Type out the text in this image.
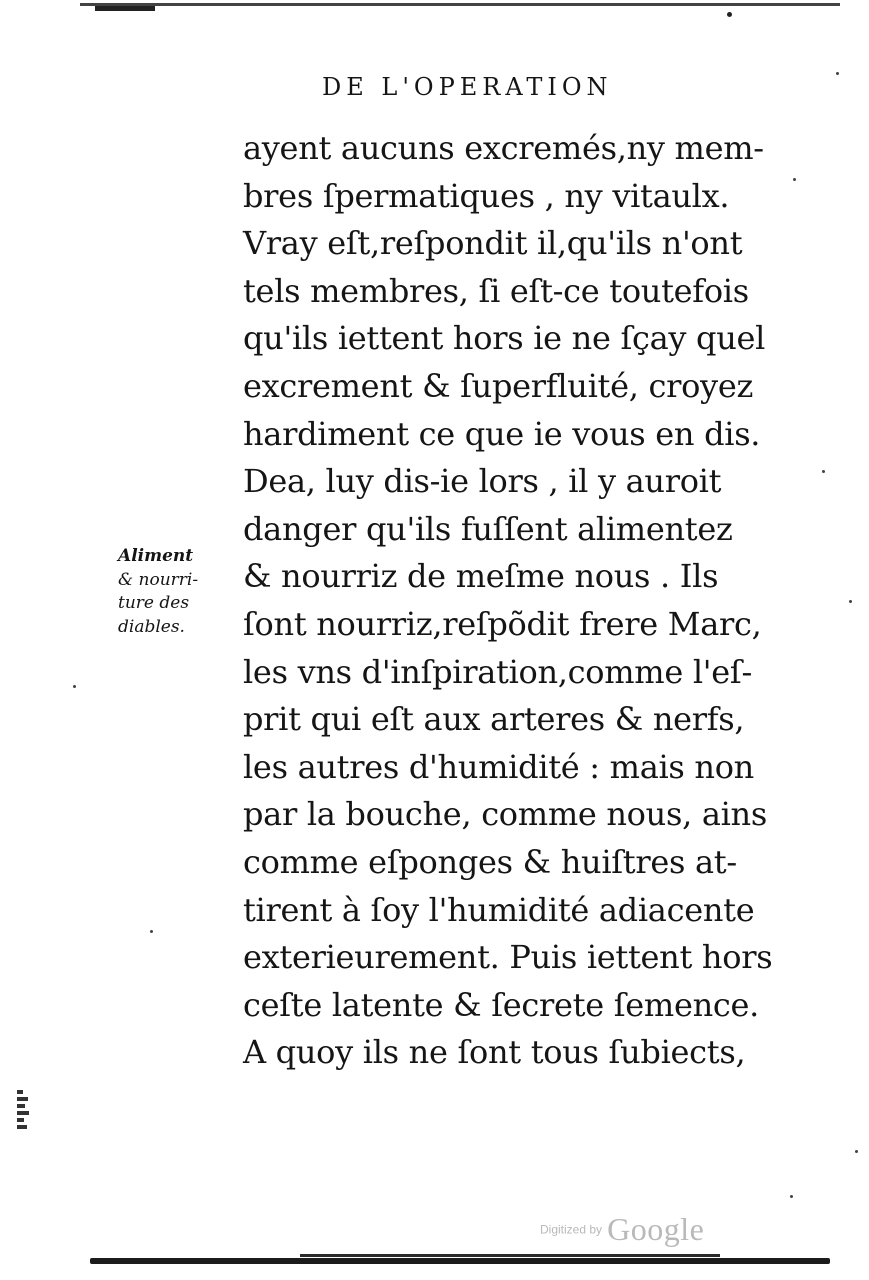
DE L'OPERATION
Aliment
& nourri-
ture des
diables.
ayent aucuns excremés,ny mem-
bres ſpermatiques , ny vitaulx.
Vray eſt,reſpondit il,qu'ils n'ont
tels membres, ſi eſt-ce toutefois
qu'ils iettent hors ie ne ſçay quel
excrement & ſuperfluité, croyez
hardiment ce que ie vous en dis.
Dea, luy dis-ie lors , il y auroit
danger qu'ils fuſſent alimentez
& nourriz de meſme nous . Ils
ſont nourriz,reſpõdit frere Marc,
les vns d'inſpiration,comme l'eſ-
prit qui eſt aux arteres & nerfs,
les autres d'humidité : mais non
par la bouche, comme nous, ains
comme eſponges & huiſtres at-
tirent à ſoy l'humidité adiacente
exterieurement. Puis iettent hors
ceſte latente & ſecrete ſemence.
A quoy ils ne ſont tous ſubiects,
Digitized by Google
